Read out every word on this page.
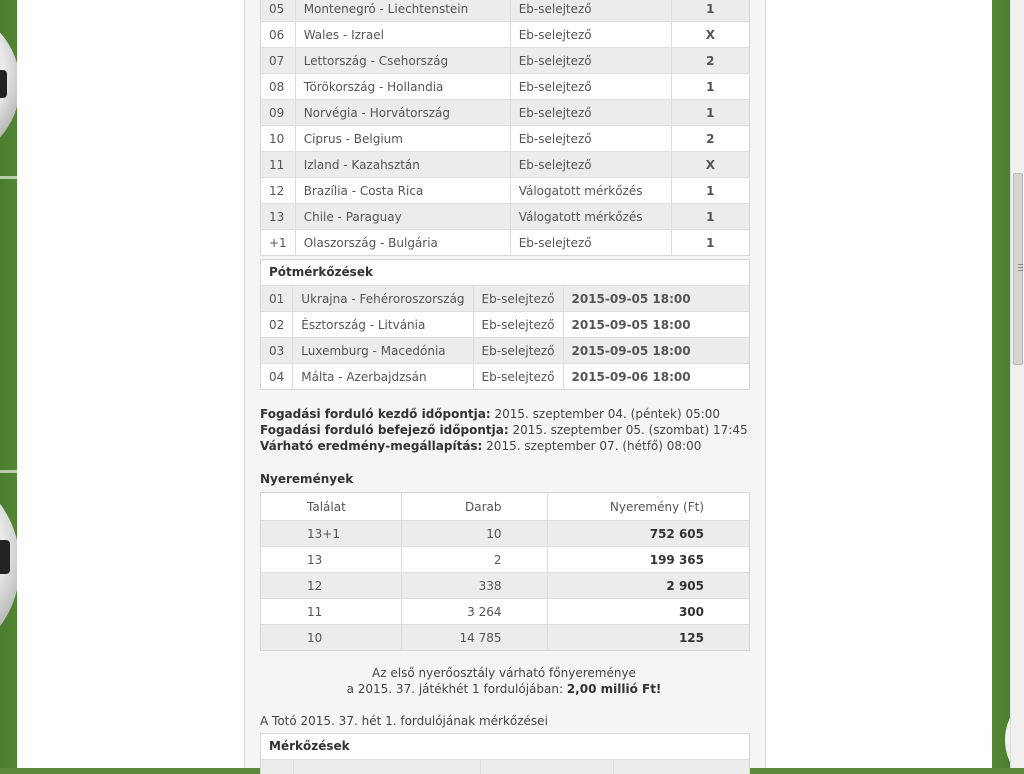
05	Montenegró - Liechtenstein	Eb-selejtező	1
06	Wales - Izrael	Eb-selejtező	X
07	Lettország - Csehország	Eb-selejtező	2
08	Törökország - Hollandia	Eb-selejtező	1
09	Norvégia - Horvátország	Eb-selejtező	1
10	Ciprus - Belgium	Eb-selejtező	2
11	Izland - Kazahsztán	Eb-selejtező	X
12	Brazília - Costa Rica	Válogatott mérkőzés	1
13	Chile - Paraguay	Válogatott mérkőzés	1
+1	Olaszország - Bulgária	Eb-selejtező	1
Pótmérkőzések
01	Ukrajna - Fehéroroszország	Eb-selejtező	2015-09-05 18:00
02	Észtország - Litvánia	Eb-selejtező	2015-09-05 18:00
03	Luxemburg - Macedónia	Eb-selejtező	2015-09-05 18:00
04	Málta - Azerbajdzsán	Eb-selejtező	2015-09-06 18:00
Fogadási forduló kezdő időpontja: 2015. szeptember 04. (péntek) 05:00
Fogadási forduló befejező időpontja: 2015. szeptember 05. (szombat) 17:45
Várható eredmény-megállapítás: 2015. szeptember 07. (hétfő) 08:00
Nyeremények
Találat	Darab	Nyeremény (Ft)
13+1	10	752 605
13	2	199 365
12	338	2 905
11	3 264	300
10	14 785	125
Az első nyerőosztály várható főnyereménye
a 2015. 37. játékhét 1 fordulójában: 2,00 millió Ft!
A Totó 2015. 37. hét 1. fordulójának mérkőzései
Mérkőzések
